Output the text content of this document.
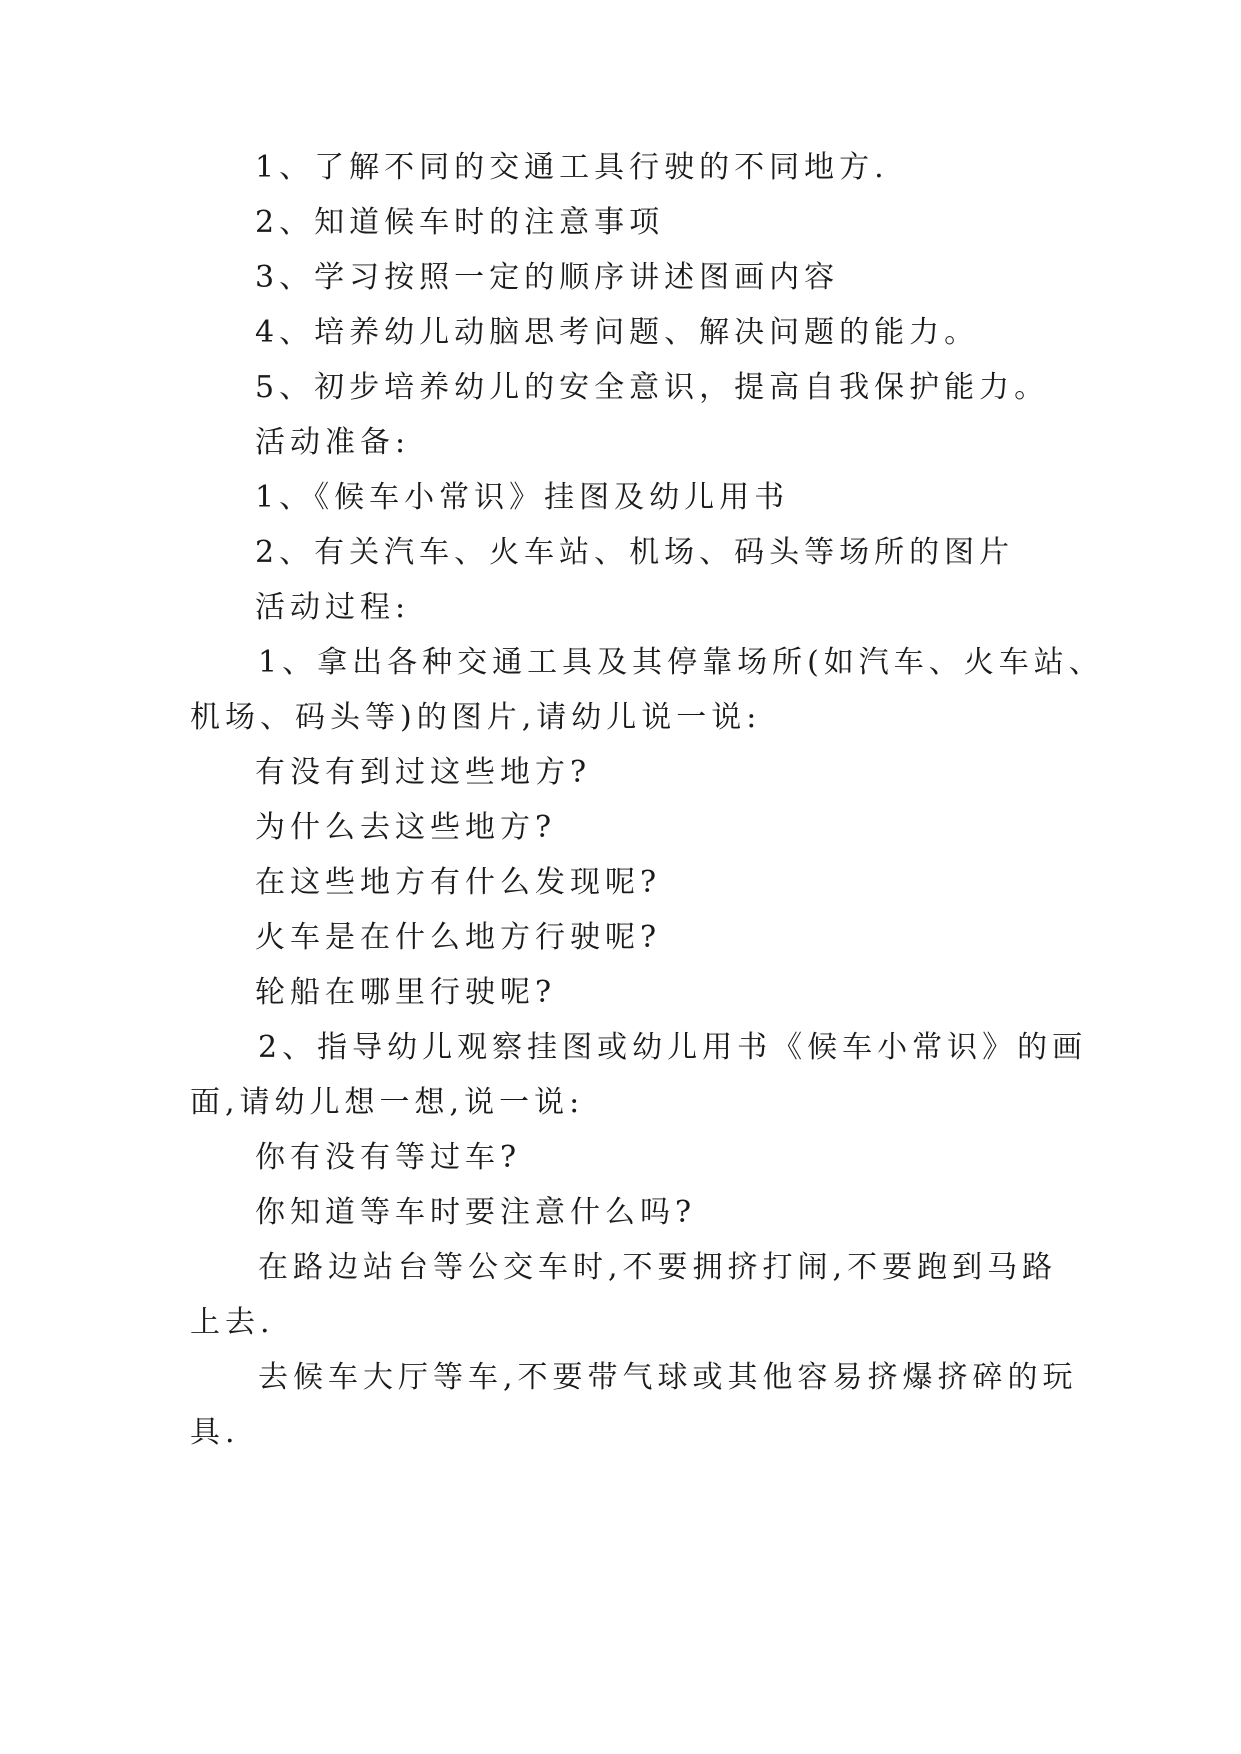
1、了解不同的交通工具行驶的不同地方.
2、知道候车时的注意事项
3、学习按照一定的顺序讲述图画内容
4、培养幼儿动脑思考问题、解决问题的能力。
5、初步培养幼儿的安全意识，提高自我保护能力。
活动准备:
1、《候车小常识》挂图及幼儿用书
2、有关汽车、火车站、机场、码头等场所的图片
活动过程:
1、拿出各种交通工具及其停靠场所(如汽车、火车站、
机场、码头等)的图片,请幼儿说一说:
有没有到过这些地方?
为什么去这些地方?
在这些地方有什么发现呢?
火车是在什么地方行驶呢?
轮船在哪里行驶呢?
2、指导幼儿观察挂图或幼儿用书《候车小常识》的画
面,请幼儿想一想,说一说:
你有没有等过车?
你知道等车时要注意什么吗?
在路边站台等公交车时,不要拥挤打闹,不要跑到马路
上去.
去候车大厅等车,不要带气球或其他容易挤爆挤碎的玩
具.
